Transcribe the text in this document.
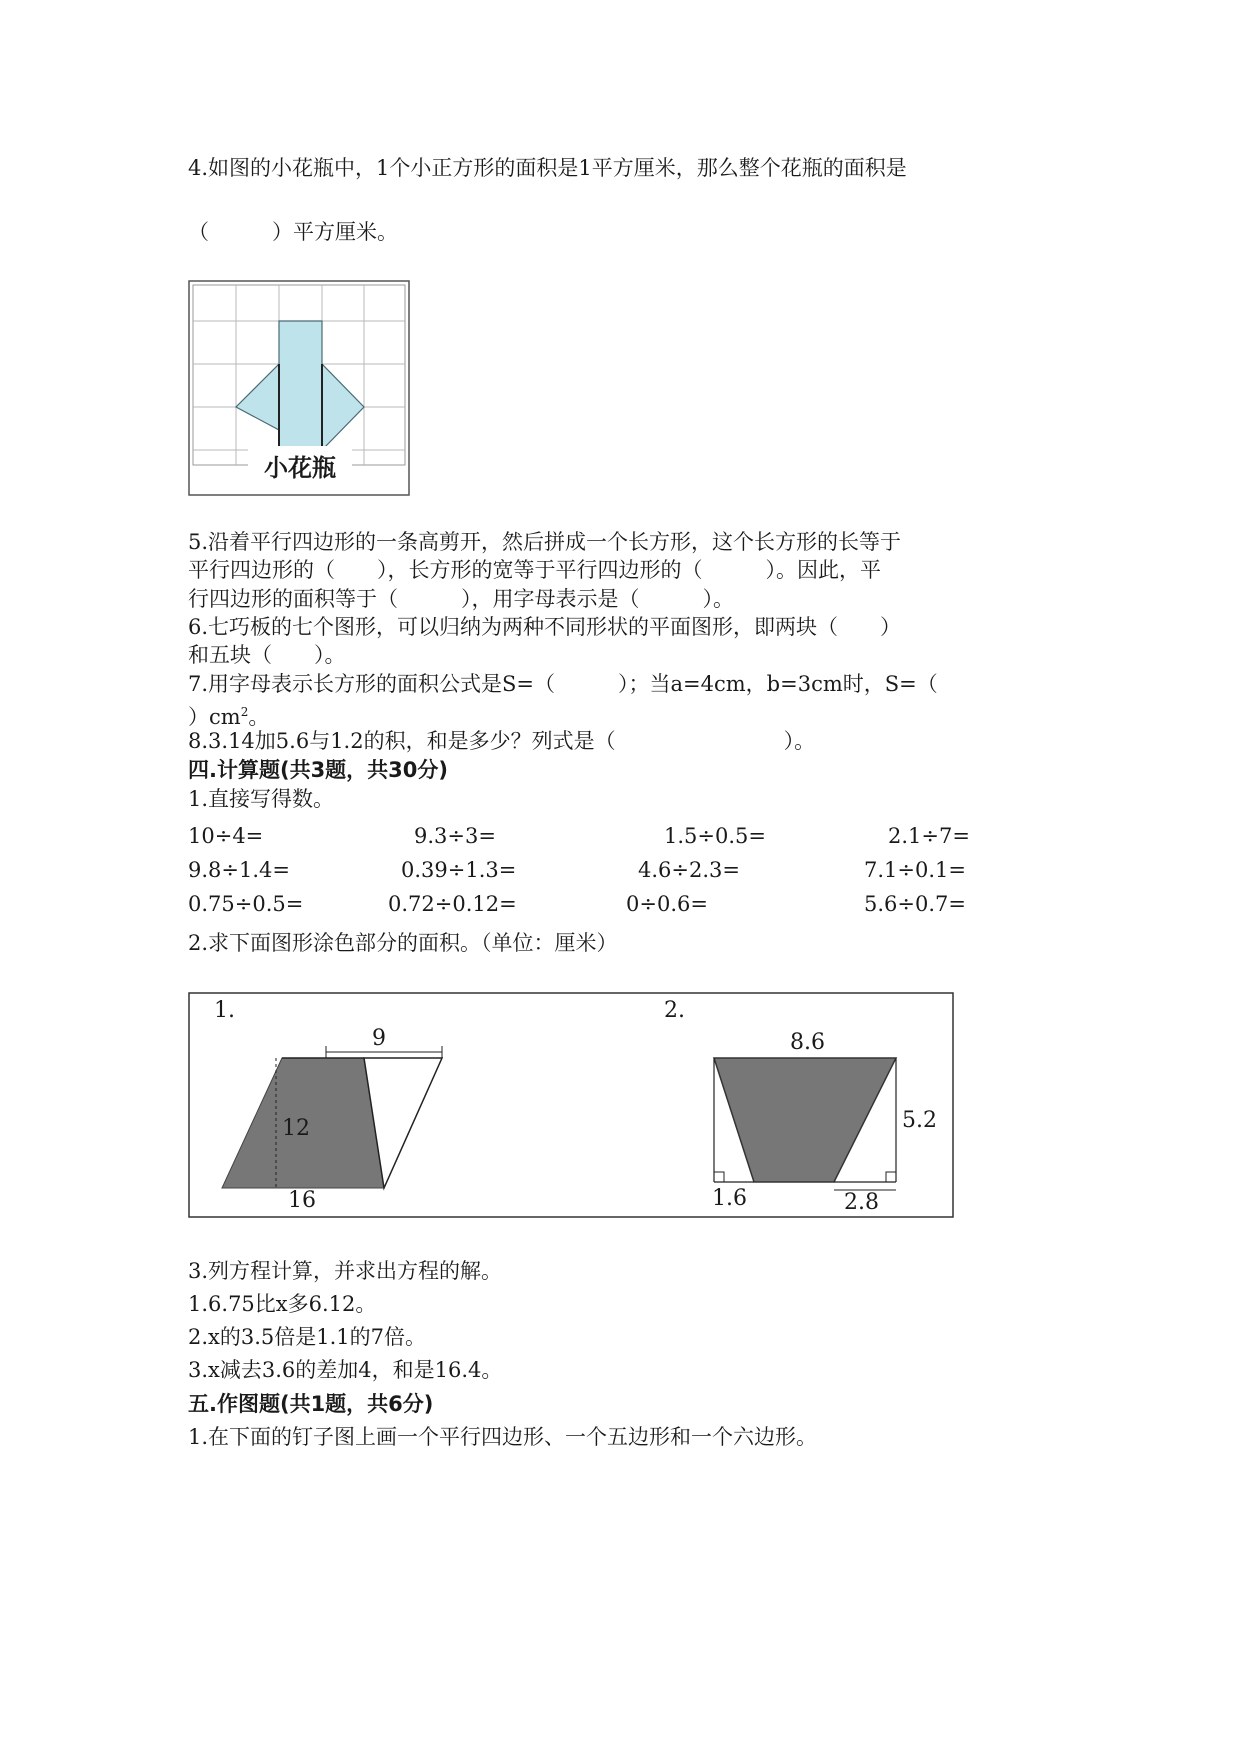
4.如图的小花瓶中，1个小正方形的面积是1平方厘米，那么整个花瓶的面积是
（　　　）平方厘米。
小花瓶
5.沿着平行四边形的一条高剪开，然后拼成一个长方形，这个长方形的长等于
平行四边形的（　　），长方形的宽等于平行四边形的（　　　）。因此，平
行四边形的面积等于（　　　），用字母表示是（　　　）。
6.七巧板的七个图形，可以归纳为两种不同形状的平面图形，即两块（　　）
和五块（　　）。
7.用字母表示长方形的面积公式是S=（　　　）；当a=4cm，b=3cm时，S=（
）$cm^2$。
8.3.14加5.6与1.2的积，和是多少？列式是（　　　　　　　　）。
四.计算题(共3题，共30分)
1.直接写得数。
10÷4=	9.3÷3=	1.5÷0.5=	2.1÷7=
9.8÷1.4=	0.39÷1.3=	4.6÷2.3=	7.1÷0.1=
0.75÷0.5=	0.72÷0.12=	0÷0.6=	5.6÷0.7=
2.求下面图形涂色部分的面积。（单位：厘米）
1.
9
12
16
2.
8.6
5.2
1.6	2.8
3.列方程计算，并求出方程的解。
1.6.75比x多6.12。
2.x的3.5倍是1.1的7倍。
3.x减去3.6的差加4，和是16.4。
五.作图题(共1题，共6分)
1.在下面的钉子图上画一个平行四边形、一个五边形和一个六边形。
